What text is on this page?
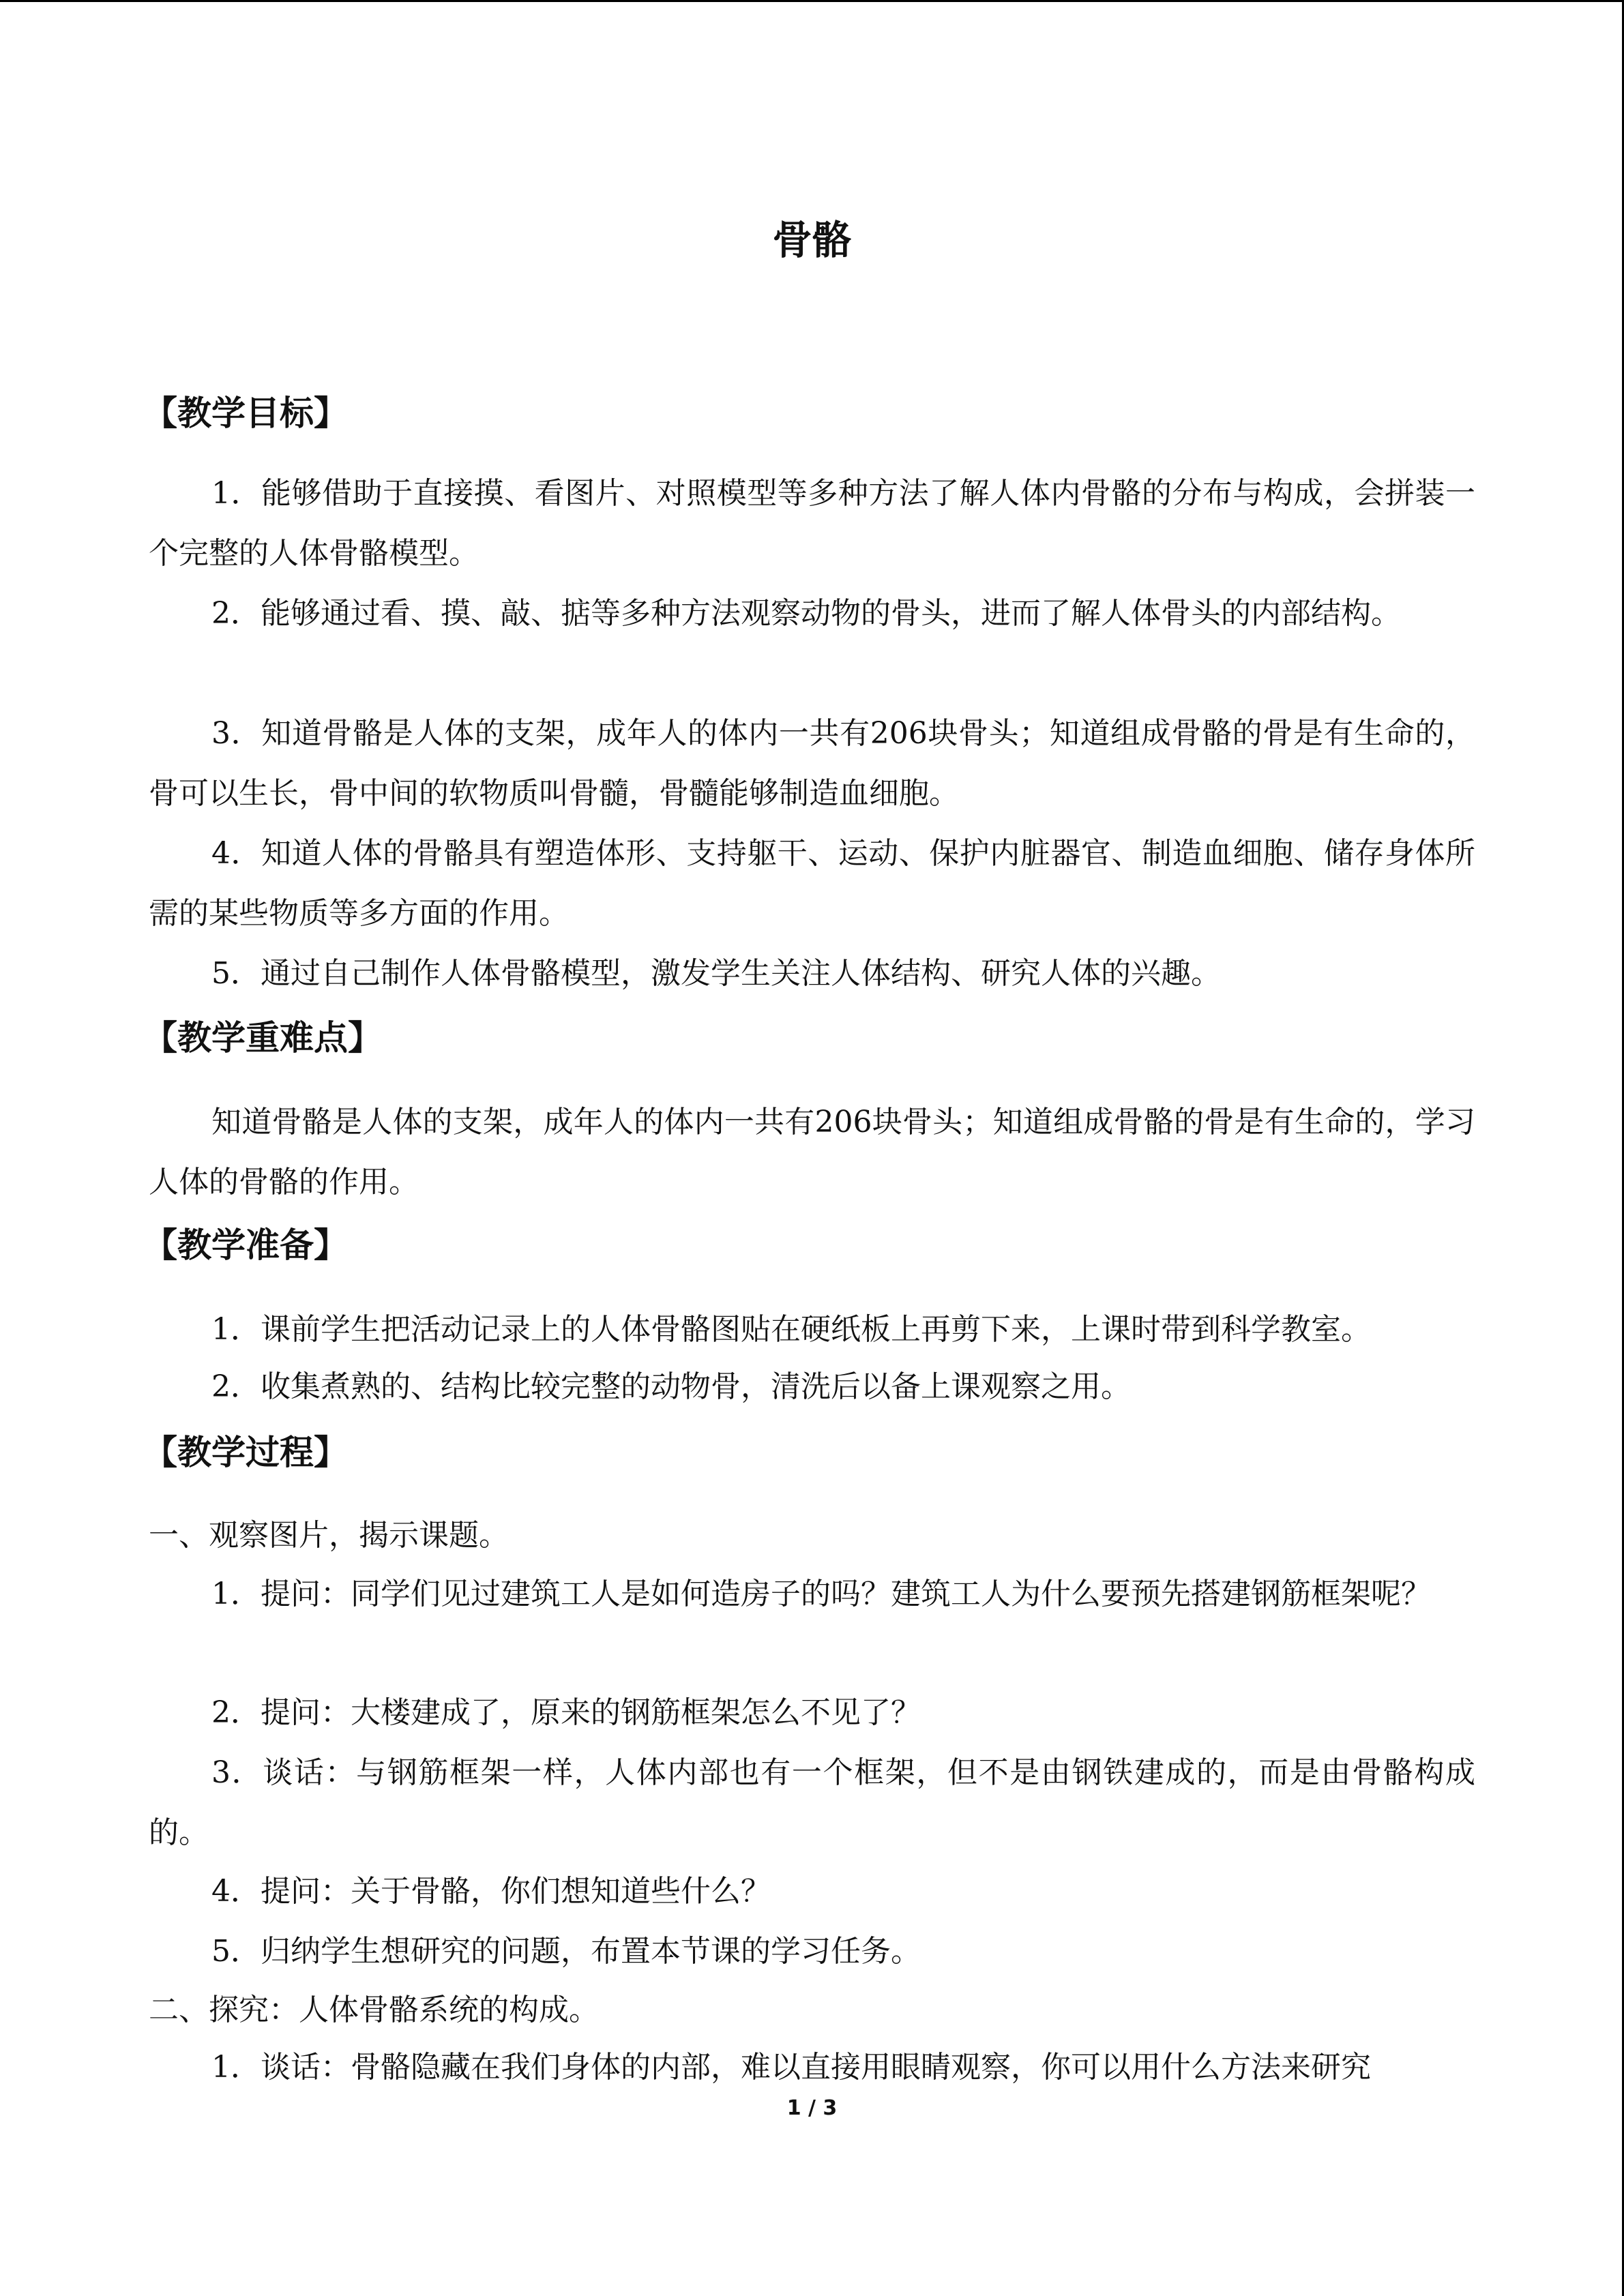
骨骼
【教学目标】
1．能够借助于直接摸、看图片、对照模型等多种方法了解人体内骨骼的分布与构成，会拼装一个完整的人体骨骼模型。
2．能够通过看、摸、敲、掂等多种方法观察动物的骨头，进而了解人体骨头的内部结构。
3．知道骨骼是人体的支架，成年人的体内一共有206块骨头；知道组成骨骼的骨是有生命的，骨可以生长，骨中间的软物质叫骨髓，骨髓能够制造血细胞。
4．知道人体的骨骼具有塑造体形、支持躯干、运动、保护内脏器官、制造血细胞、储存身体所需的某些物质等多方面的作用。
5．通过自己制作人体骨骼模型，激发学生关注人体结构、研究人体的兴趣。
【教学重难点】
知道骨骼是人体的支架，成年人的体内一共有206块骨头；知道组成骨骼的骨是有生命的，学习人体的骨骼的作用。
【教学准备】
1．课前学生把活动记录上的人体骨骼图贴在硬纸板上再剪下来，上课时带到科学教室。
2．收集煮熟的、结构比较完整的动物骨，清洗后以备上课观察之用。
【教学过程】
一、观察图片，揭示课题。
1．提问：同学们见过建筑工人是如何造房子的吗？建筑工人为什么要预先搭建钢筋框架呢？
2．提问：大楼建成了，原来的钢筋框架怎么不见了？
3．谈话：与钢筋框架一样，人体内部也有一个框架，但不是由钢铁建成的，而是由骨骼构成的。
4．提问：关于骨骼，你们想知道些什么？
5．归纳学生想研究的问题，布置本节课的学习任务。
二、探究：人体骨骼系统的构成。
1．谈话：骨骼隐藏在我们身体的内部，难以直接用眼睛观察，你可以用什么方法来研究
1 / 3
